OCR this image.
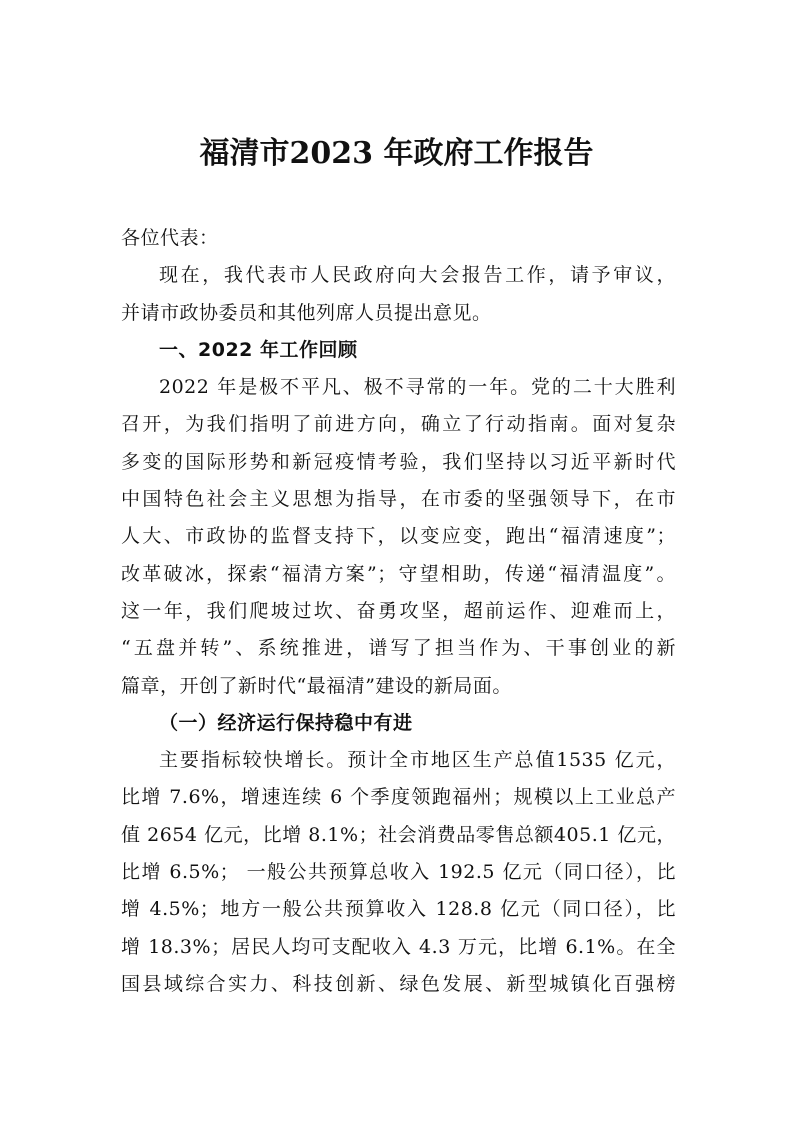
福清市2023 年政府工作报告

各位代表：

现在，我代表市人民政府向大会报告工作，请予审议，
并请市政协委员和其他列席人员提出意见。

一、2022 年工作回顾

2022 年是极不平凡、极不寻常的一年。党的二十大胜利
召开，为我们指明了前进方向，确立了行动指南。面对复杂
多变的国际形势和新冠疫情考验，我们坚持以习近平新时代
中国特色社会主义思想为指导，在市委的坚强领导下，在市
人大、市政协的监督支持下，以变应变，跑出“福清速度”；
改革破冰，探索“福清方案”；守望相助，传递“福清温度”。
这一年，我们爬坡过坎、奋勇攻坚，超前运作、迎难而上，
“五盘并转”、系统推进，谱写了担当作为、干事创业的新
篇章，开创了新时代“最福清”建设的新局面。

（一）经济运行保持稳中有进

主要指标较快增长。预计全市地区生产总值1535 亿元，
比增 7.6%，增速连续 6 个季度领跑福州；规模以上工业总产
值 2654 亿元，比增 8.1%；社会消费品零售总额405.1 亿元，
比增 6.5%； 一般公共预算总收入 192.5 亿元（同口径），比
增 4.5%；地方一般公共预算收入 128.8 亿元（同口径），比
增 18.3%；居民人均可支配收入 4.3 万元，比增 6.1%。在全
国县域综合实力、科技创新、绿色发展、新型城镇化百强榜
